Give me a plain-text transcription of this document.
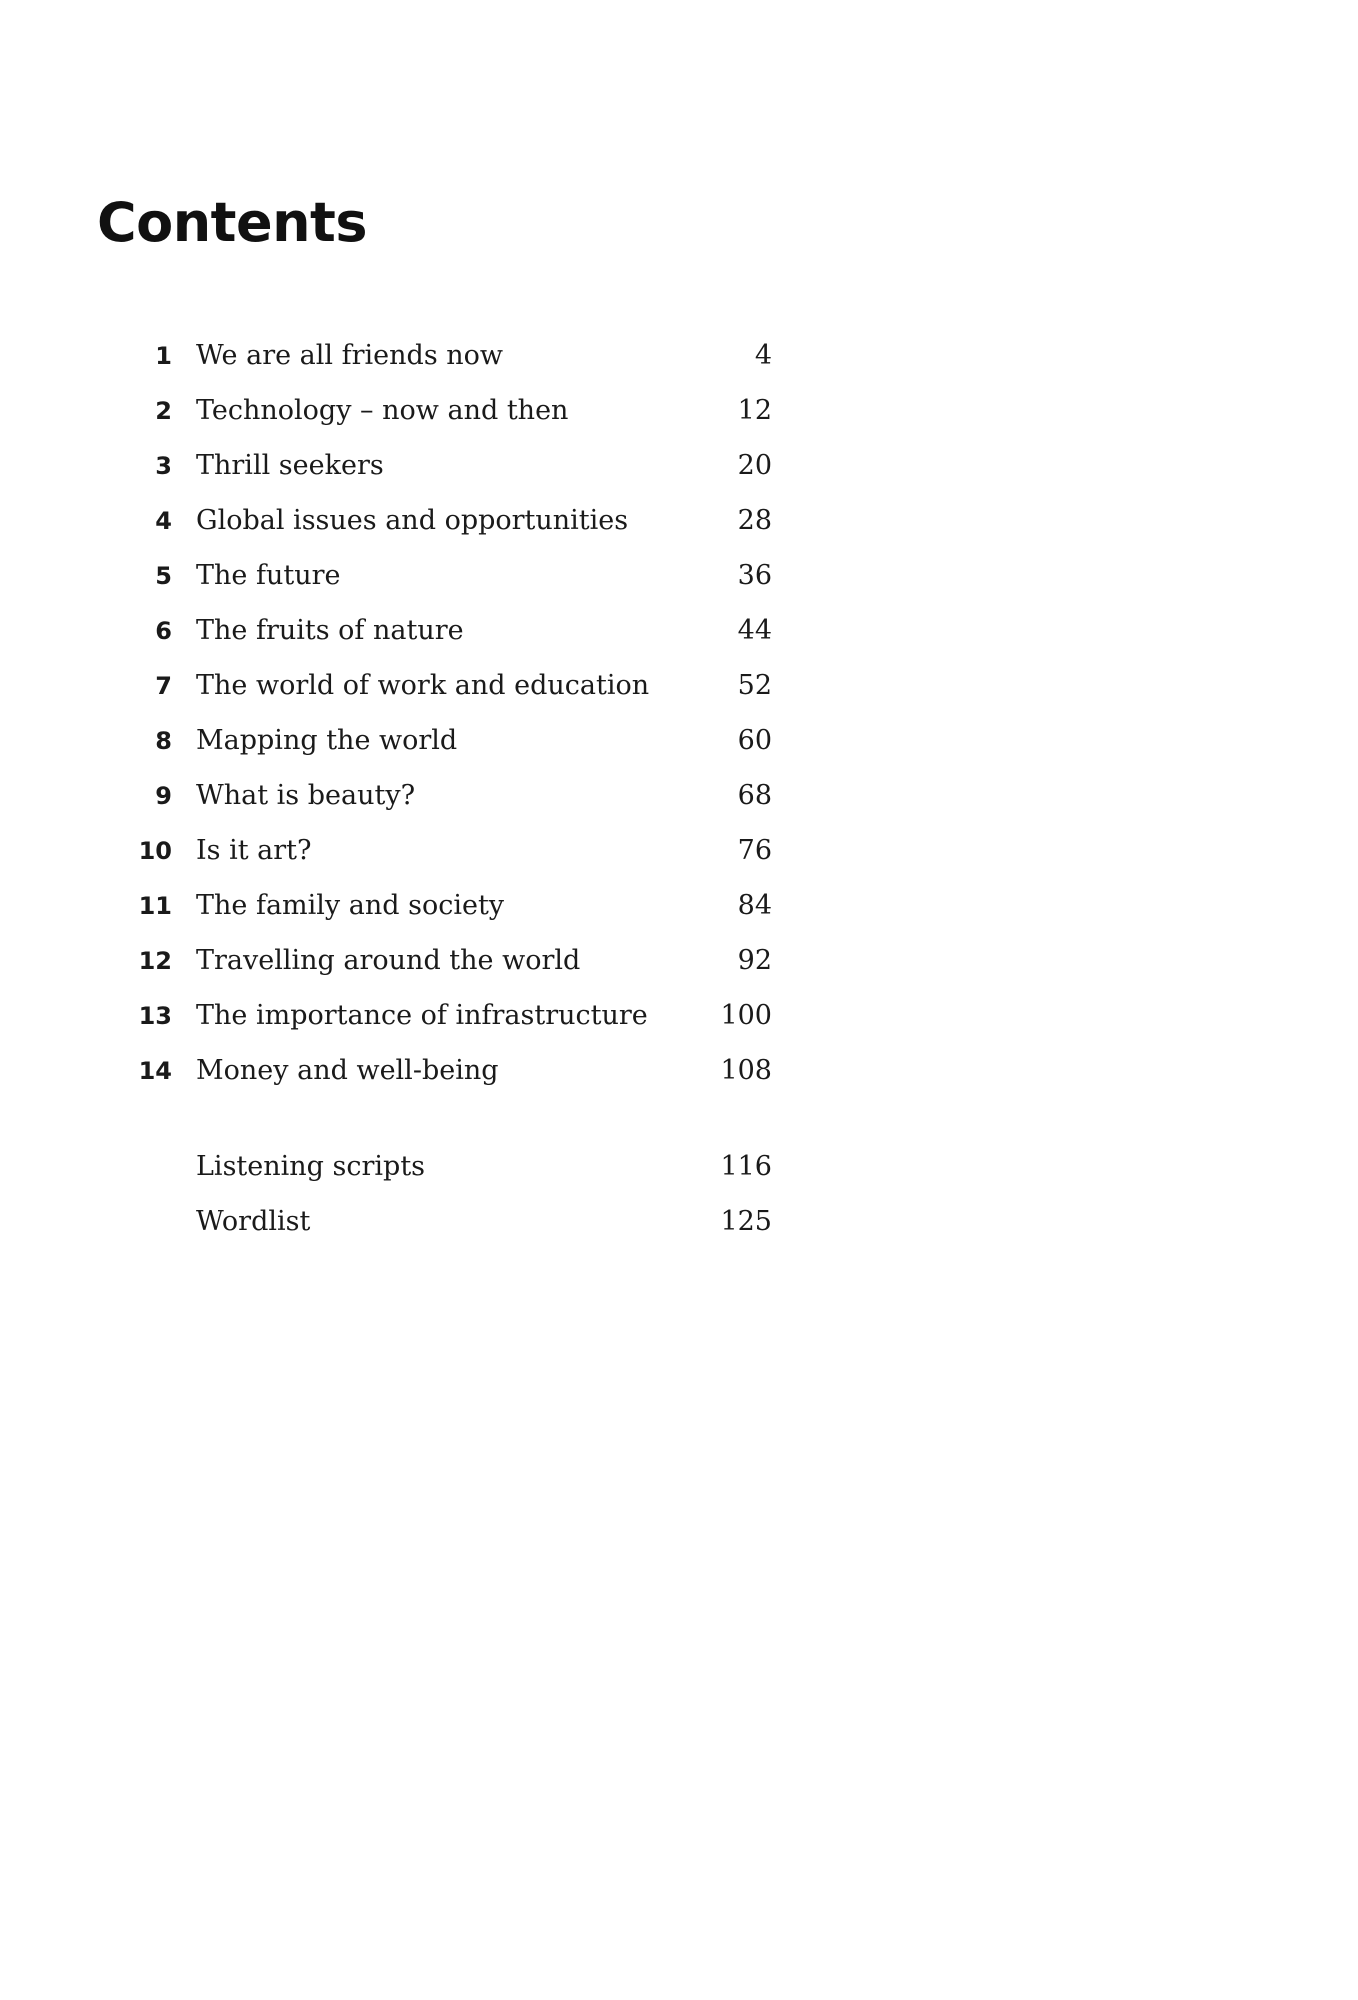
Contents
1 We are all friends now	4
2 Technology – now and then	12
3 Thrill seekers	20
4 Global issues and opportunities	28
5 The future	36
6 The fruits of nature	44
7 The world of work and education	52
8 Mapping the world	60
9 What is beauty?	68
10 Is it art?	76
11 The family and society	84
12 Travelling around the world	92
13 The importance of infrastructure	100
14 Money and well-being	108
Listening scripts	116
Wordlist	125
